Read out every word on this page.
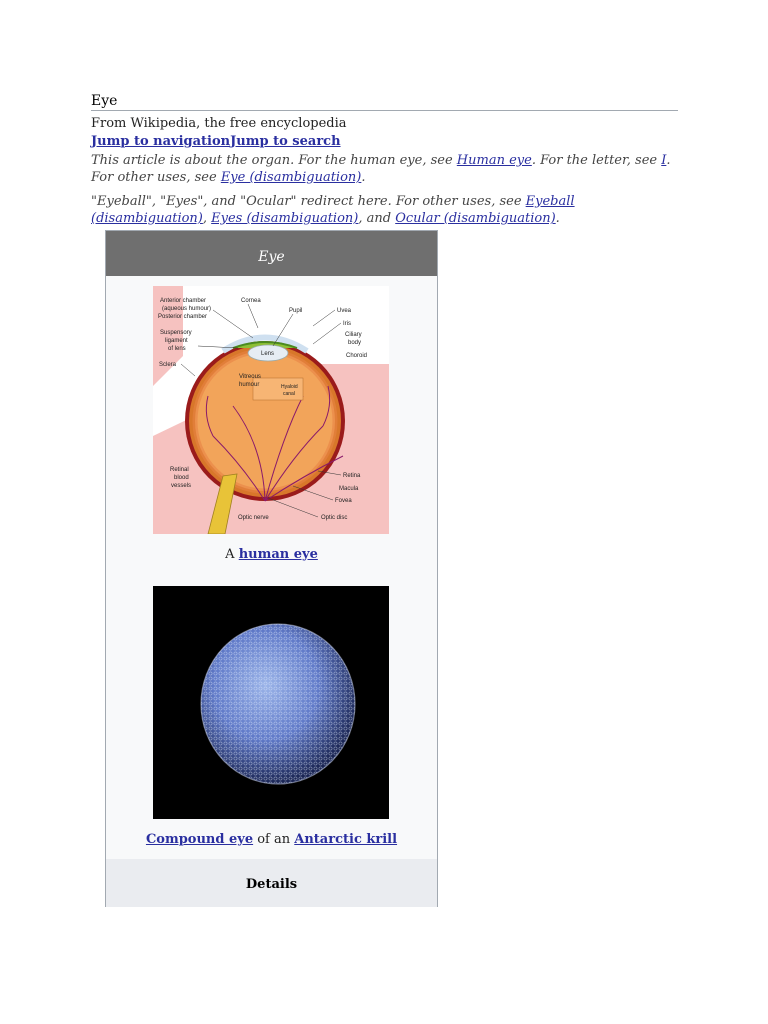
Eye
From Wikipedia, the free encyclopedia
Jump to navigationJump to search
This article is about the organ. For the human eye, see Human eye. For the letter, see I. For other uses, see Eye (disambiguation).
"Eyeball", "Eyes", and "Ocular" redirect here. For other uses, see Eyeball (disambiguation), Eyes (disambiguation), and Ocular (disambiguation).
Eye
Anterior chamber
(aqueous humour)
Posterior chamber
Cornea
Pupil	Uvea
Iris
Ciliary
body
Choroid
Suspensory
ligament
of lens
Sclera
Lens
Vitreous
humour	Hyaloid
canal
Retinal
blood
vessels
Retina
Macula
Fovea
Optic nerve	Optic disc
A human eye
Compound eye of an Antarctic krill
Details
